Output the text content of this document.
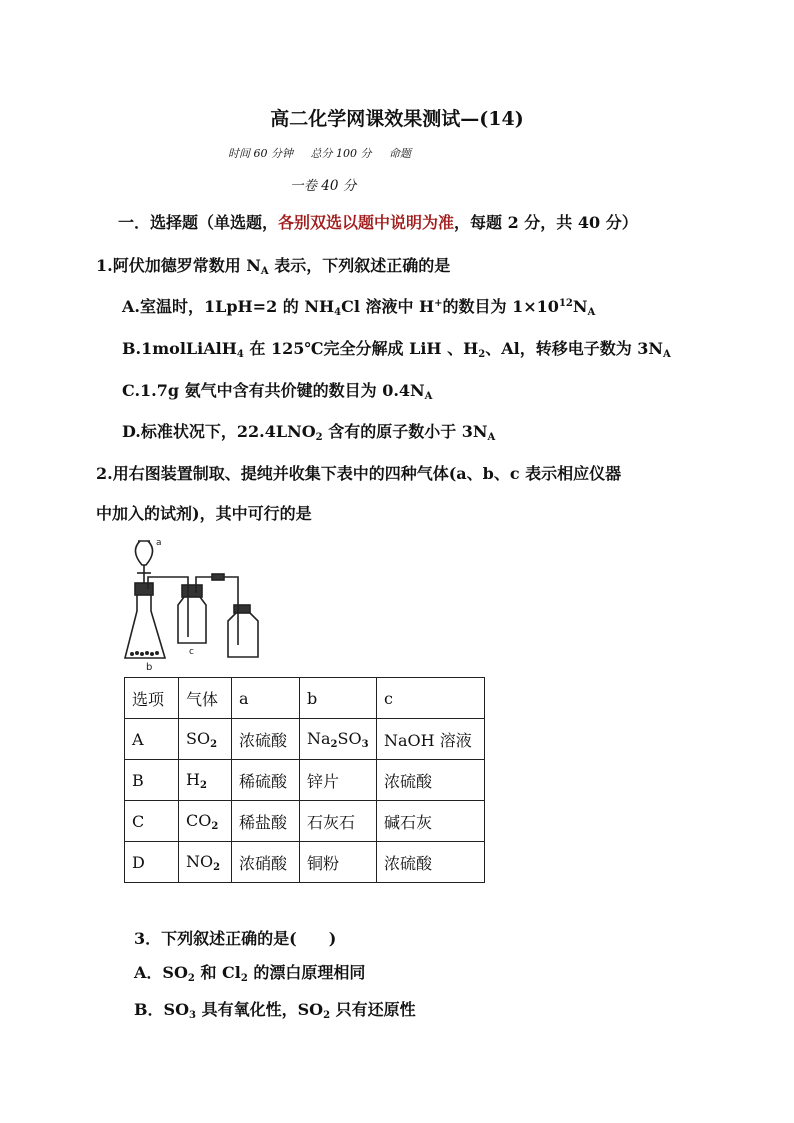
高二化学网课效果测试—(14)
时间 60 分钟 总分 100 分 命题
一卷 40 分
一．选择题（单选题，各别双选以题中说明为准，每题 2 分，共 40 分）
1.阿伏加德罗常数用 $N_A$ 表示，下列叙述正确的是
A.室温时，1LpH=2 的 $NH_4Cl$ 溶液中 H+的数目为 $1\times 10^{12}N_A$
B.1molLiAlH$_4$ 在 125℃完全分解成 LiH 、$H_2$、Al，转移电子数为 $3N_A$
C.1.7g 氨气中含有共价键的数目为 $0.4N_A$
D.标准状况下，$22.4LNO_2$ 含有的原子数小于 $3N_A$
2.用右图装置制取、提纯并收集下表中的四种气体(a、b、c 表示相应仪器
中加入的试剂)，其中可行的是
a
b
c
选项	气体	a	b	c
A	$SO_2$	浓硫酸	$Na_2SO_3$	NaOH 溶液
B	$H_2$	稀硫酸	锌片	浓硫酸
C	$CO_2$	稀盐酸	石灰石	碱石灰
D	$NO_2$	浓硝酸	铜粉	浓硫酸
3．下列叙述正确的是(　　)
A．$SO_2$ 和 $Cl_2$ 的漂白原理相同
B．$SO_3$ 具有氧化性，$SO_2$ 只有还原性
